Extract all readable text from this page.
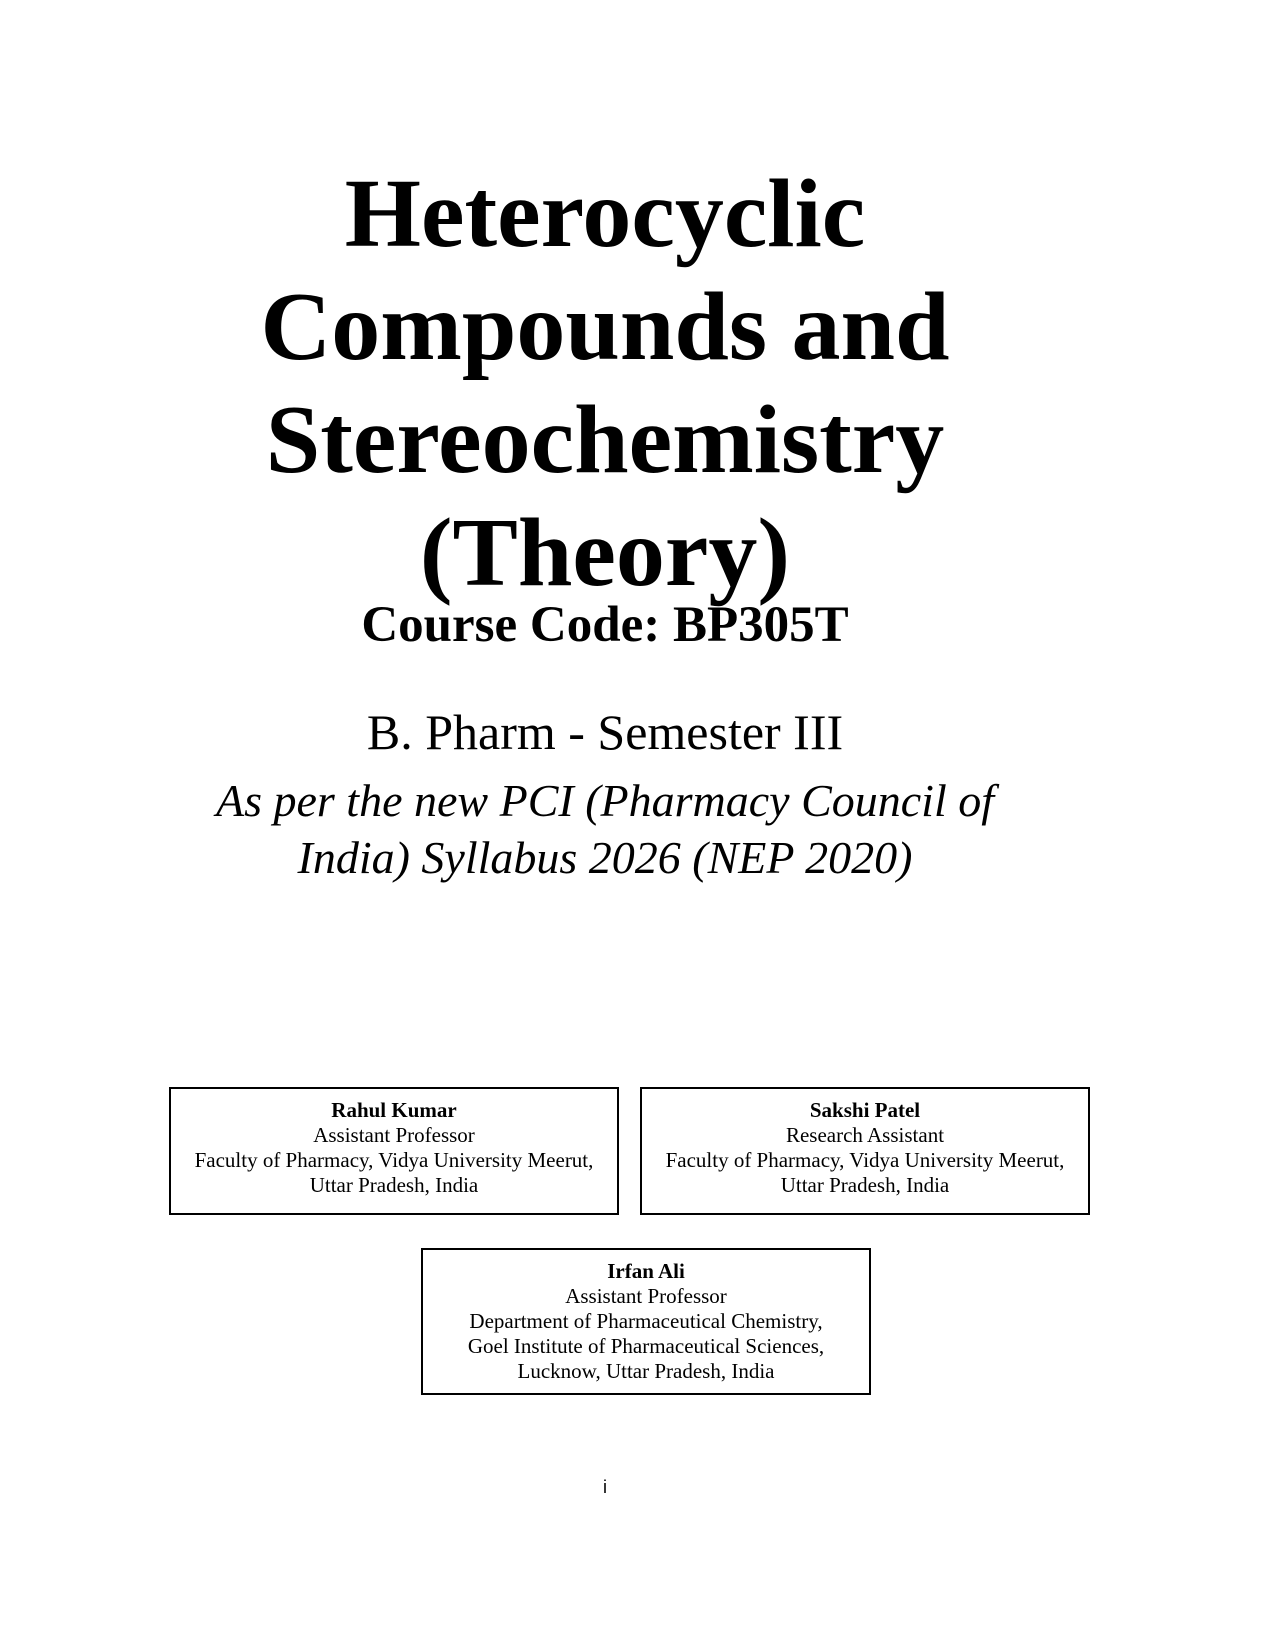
Heterocyclic
Compounds and
Stereochemistry
(Theory)
Course Code: BP305T
B. Pharm - Semester III
As per the new PCI (Pharmacy Council of
India) Syllabus 2026 (NEP 2020)
Rahul Kumar
Assistant Professor
Faculty of Pharmacy, Vidya University Meerut,
Uttar Pradesh, India
Sakshi Patel
Research Assistant
Faculty of Pharmacy, Vidya University Meerut,
Uttar Pradesh, India
Irfan Ali
Assistant Professor
Department of Pharmaceutical Chemistry,
Goel Institute of Pharmaceutical Sciences,
Lucknow, Uttar Pradesh, India
i
